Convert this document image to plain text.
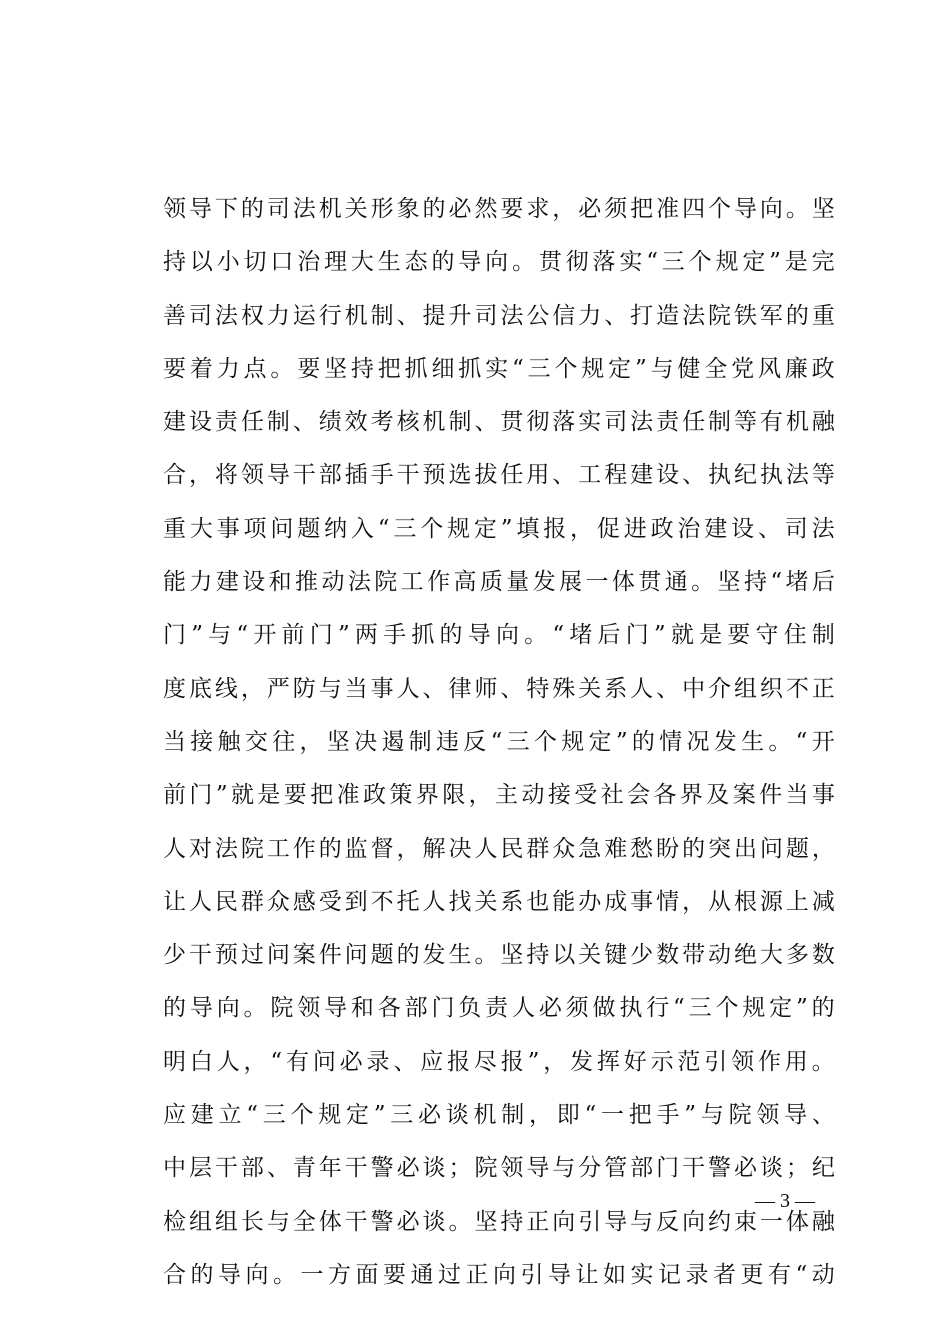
领 导 下 的 司 法 机 关 形 象 的 必 然 要 求 ， 必 须 把 准 四 个 导 向 。 坚
持 以 小 切 口 治 理 大 生 态 的 导 向 。 贯 彻 落 实 “ 三 个 规 定 ” 是 完
善 司 法 权 力 运 行 机 制 、 提 升 司 法 公 信 力 、 打 造 法 院 铁 军 的 重
要 着 力 点 。 要 坚 持 把 抓 细 抓 实 “ 三 个 规 定 ” 与 健 全 党 风 廉 政
建 设 责 任 制 、 绩 效 考 核 机 制 、 贯 彻 落 实 司 法 责 任 制 等 有 机 融
合 ， 将 领 导 干 部 插 手 干 预 选 拔 任 用 、 工 程 建 设 、 执 纪 执 法 等
重 大 事 项 问 题 纳 入 “ 三 个 规 定 ” 填 报 ， 促 进 政 治 建 设 、 司 法
能 力 建 设 和 推 动 法 院 工 作 高 质 量 发 展 一 体 贯 通 。 坚 持 “ 堵 后
门 ” 与 “ 开 前 门 ” 两 手 抓 的 导 向 。 “ 堵 后 门 ” 就 是 要 守 住 制
度 底 线 ， 严 防 与 当 事 人 、 律 师 、 特 殊 关 系 人 、 中 介 组 织 不 正
当 接 触 交 往 ， 坚 决 遏 制 违 反 “ 三 个 规 定 ” 的 情 况 发 生 。 “ 开
前 门 ” 就 是 要 把 准 政 策 界 限 ， 主 动 接 受 社 会 各 界 及 案 件 当 事
人 对 法 院 工 作 的 监 督 ， 解 决 人 民 群 众 急 难 愁 盼 的 突 出 问 题 ，
让 人 民 群 众 感 受 到 不 托 人 找 关 系 也 能 办 成 事 情 ， 从 根 源 上 减
少 干 预 过 问 案 件 问 题 的 发 生 。 坚 持 以 关 键 少 数 带 动 绝 大 多 数
的 导 向 。 院 领 导 和 各 部 门 负 责 人 必 须 做 执 行 “ 三 个 规 定 ” 的
明 白 人 ， “ 有 问 必 录 、 应 报 尽 报 ” ， 发 挥 好 示 范 引 领 作 用 。
应 建 立 “ 三 个 规 定 ” 三 必 谈 机 制 ， 即 “ 一 把 手 ” 与 院 领 导 、
中 层 干 部 、 青 年 干 警 必 谈 ； 院 领 导 与 分 管 部 门 干 警 必 谈 ； 纪
检 组 组 长 与 全 体 干 警 必 谈 。 坚 持 正 向 引 导 与 反 向 约 束 一 体 融
合 的 导 向 。 一 方 面 要 通 过 正 向 引 导 让 如 实 记 录 者 更 有 “ 动
— 3 —
